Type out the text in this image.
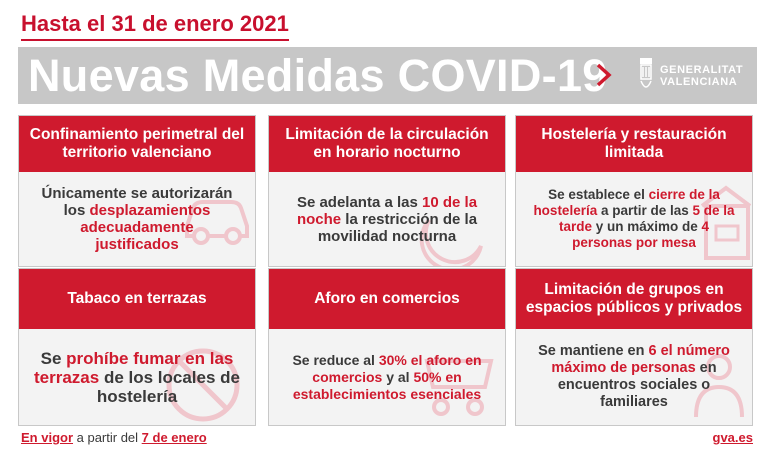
Hasta el 31 de enero 2021
Nuevas Medidas COVID-19	GENERALITAT
VALENCIANA
Confinamiento perimetral del territorio valenciano
Únicamente se autorizarán los desplazamientos adecuadamente justificados
Limitación de la circulación en horario nocturno
Se adelanta a las 10 de la noche la restricción de la movilidad nocturna
Hostelería y restauración limitada
Se establece el cierre de la hostelería a partir de las 5 de la tarde y un máximo de 4 personas por mesa
Tabaco en terrazas
Se prohíbe fumar en las terrazas de los locales de hostelería
Aforo en comercios
Se reduce al 30% el aforo en comercios y al 50% en establecimientos esenciales
Limitación de grupos en espacios públicos y privados
Se mantiene en 6 el número máximo de personas en encuentros sociales o familiares
En vigor a partir del 7 de enero	gva.es
